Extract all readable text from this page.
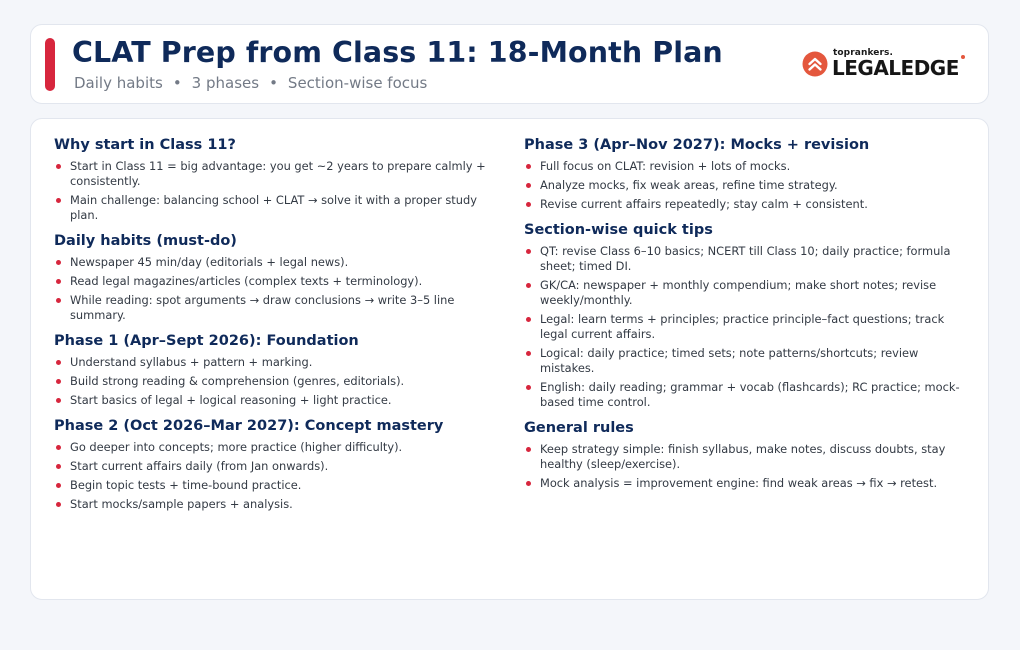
CLAT Prep from Class 11: 18-Month Plan
Daily habits • 3 phases • Section-wise focus
toprankers.
LEGALEDGE
Why start in Class 11?
Start in Class 11 = big advantage: you get ~2 years to prepare calmly + consistently.
Main challenge: balancing school + CLAT → solve it with a proper study plan.
Daily habits (must-do)
Newspaper 45 min/day (editorials + legal news).
Read legal magazines/articles (complex texts + terminology).
While reading: spot arguments → draw conclusions → write 3–5 line summary.
Phase 1 (Apr–Sept 2026): Foundation
Understand syllabus + pattern + marking.
Build strong reading & comprehension (genres, editorials).
Start basics of legal + logical reasoning + light practice.
Phase 2 (Oct 2026–Mar 2027): Concept mastery
Go deeper into concepts; more practice (higher difficulty).
Start current affairs daily (from Jan onwards).
Begin topic tests + time-bound practice.
Start mocks/sample papers + analysis.
Phase 3 (Apr–Nov 2027): Mocks + revision
Full focus on CLAT: revision + lots of mocks.
Analyze mocks, fix weak areas, refine time strategy.
Revise current affairs repeatedly; stay calm + consistent.
Section-wise quick tips
QT: revise Class 6–10 basics; NCERT till Class 10; daily practice; formula sheet; timed DI.
GK/CA: newspaper + monthly compendium; make short notes; revise weekly/monthly.
Legal: learn terms + principles; practice principle–fact questions; track legal current affairs.
Logical: daily practice; timed sets; note patterns/shortcuts; review mistakes.
English: daily reading; grammar + vocab (flashcards); RC practice; mock-based time control.
General rules
Keep strategy simple: finish syllabus, make notes, discuss doubts, stay healthy (sleep/exercise).
Mock analysis = improvement engine: find weak areas → fix → retest.
